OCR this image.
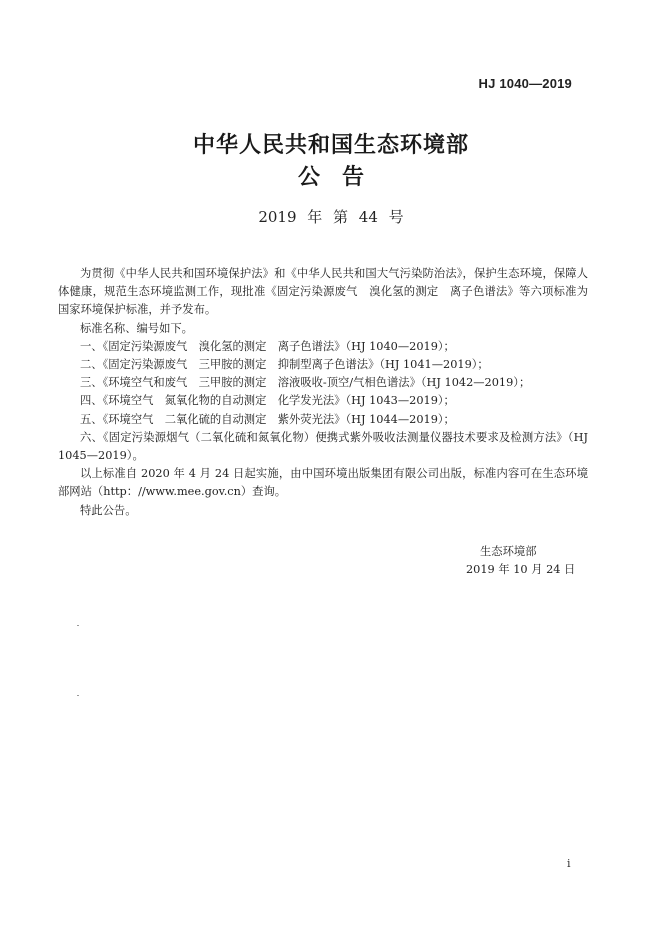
HJ 1040—2019
中华人民共和国生态环境部
公告
2019 年 第 44 号

为贯彻《中华人民共和国环境保护法》和《中华人民共和国大气污染防治法》，保护生态环境，保障人体健康，规范生态环境监测工作，现批准《固定污染源废气　溴化氢的测定　离子色谱法》等六项标准为国家环境保护标准，并予发布。

标准名称、编号如下。

一、《固定污染源废气　溴化氢的测定　离子色谱法》（HJ 1040—2019）；

二、《固定污染源废气　三甲胺的测定　抑制型离子色谱法》（HJ 1041—2019）；

三、《环境空气和废气　三甲胺的测定　溶液吸收-顶空/气相色谱法》（HJ 1042—2019）；

四、《环境空气　氮氧化物的自动测定　化学发光法》（HJ 1043—2019）；

五、《环境空气　二氧化硫的自动测定　紫外荧光法》（HJ 1044—2019）；

六、《固定污染源烟气（二氧化硫和氮氧化物）便携式紫外吸收法测量仪器技术要求及检测方法》（HJ 1045—2019）。

以上标准自 2020 年 4 月 24 日起实施，由中国环境出版集团有限公司出版，标准内容可在生态环境部网站（http：//www.mee.gov.cn）查询。

特此公告。

生态环境部
2019 年 10 月 24 日
i
